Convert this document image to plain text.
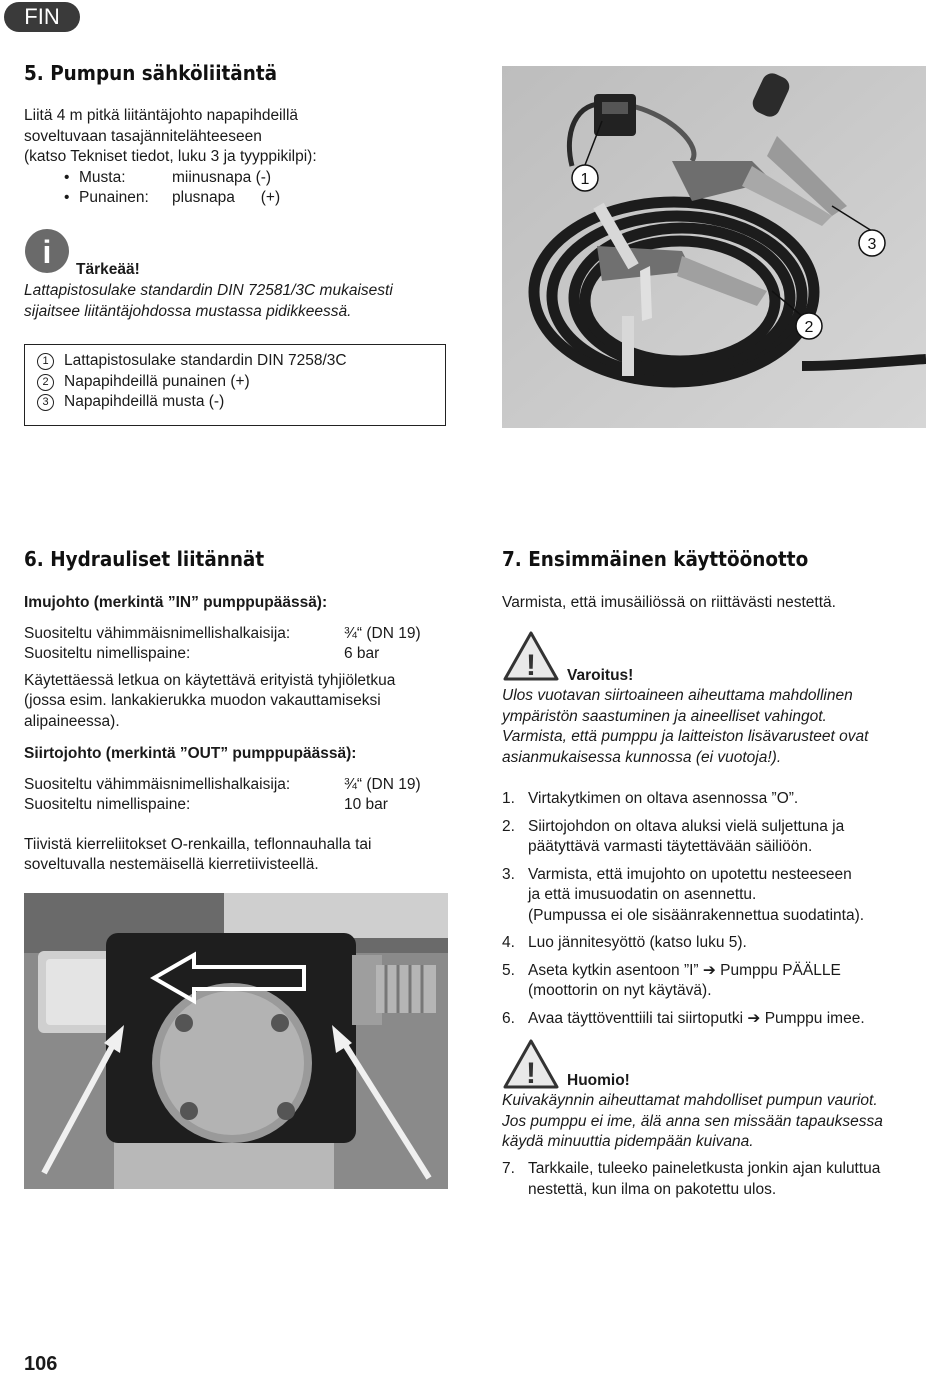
FIN
5. Pumpun sähköliitäntä
Liitä 4 m pitkä liitäntäjohto napapihdeillä
soveltuvaan tasajännitelähteeseen
(katso Tekniset tiedot, luku 3 ja tyyppikilpi):
• Musta:	miinusnapa (-)
• Punainen: plusnapa      (+)
i Tärkeää!
Lattapistosulake standardin DIN 72581/3C mukaisesti
sijaitsee liitäntäjohdossa mustassa pidikkeessä.
1 Lattapistosulake standardin DIN 7258/3C
2 Napapihdeillä punainen (+)
3 Napapihdeillä musta (-)
1
3
2
6. Hydrauliset liitännät
Imujohto (merkintä ”IN” pumppupäässä):
Suositeltu vähimmäisnimellishalkaisija:	¾“ (DN 19)
Suositeltu nimellispaine:	6 bar
Käytettäessä letkua on käytettävä erityistä tyhjiöletkua
(jossa esim. lankakierukka muodon vakauttamiseksi
alipaineessa).
Siirtojohto (merkintä ”OUT” pumppupäässä):
Suositeltu vähimmäisnimellishalkaisija:	¾“ (DN 19)
Suositeltu nimellispaine:	10 bar
Tiivistä kierreliitokset O-renkailla, teflonnauhalla tai
soveltuvalla nestemäisellä kierretiivisteellä.
7. Ensimmäinen käyttöönotto
Varmista, että imusäiliössä on riittävästi nestettä.
! Varoitus!
Ulos vuotavan siirtoaineen aiheuttama mahdollinen
ympäristön saastuminen ja aineelliset vahingot.
Varmista, että pumppu ja laitteiston lisävarusteet ovat
asianmukaisessa kunnossa (ei vuotoja!).
1. Virtakytkimen on oltava asennossa ”O”.
2. Siirtojohdon on oltava aluksi vielä suljettuna ja
päätyttävä varmasti täytettävään säiliöön.
3. Varmista, että imujohto on upotettu nesteeseen
ja että imusuodatin on asennettu.
(Pumpussa ei ole sisäänrakennettua suodatinta).
4. Luo jännitesyöttö (katso luku 5).
5. Aseta kytkin asentoon ”I” ➔ Pumppu PÄÄLLE
(moottorin on nyt käytävä).
6. Avaa täyttöventtiili tai siirtoputki ➔ Pumppu imee.
! Huomio!
Kuivakäynnin aiheuttamat mahdolliset pumpun vauriot.
Jos pumppu ei ime, älä anna sen missään tapauksessa
käydä minuuttia pidempään kuivana.
7. Tarkkaile, tuleeko paineletkusta jonkin ajan kuluttua
nestettä, kun ilma on pakotettu ulos.
106
